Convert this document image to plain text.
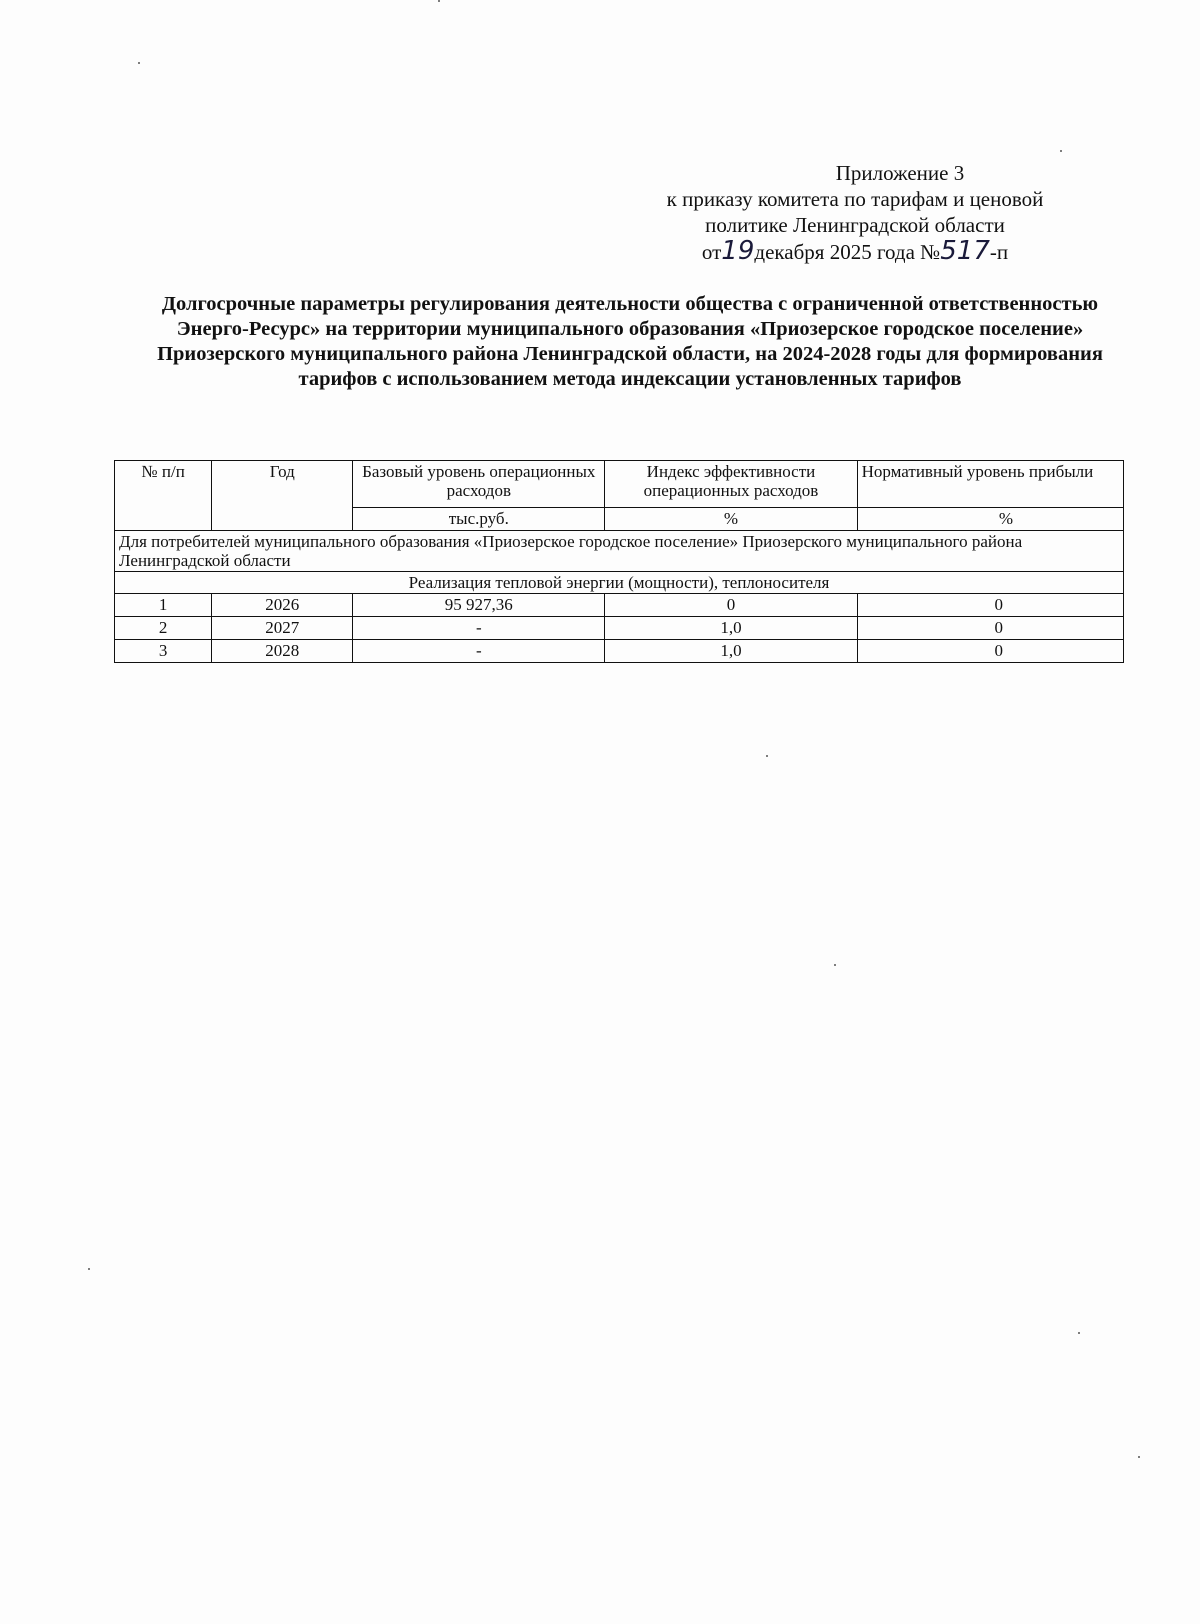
Приложение 3
к приказу комитета по тарифам и ценовой
политике Ленинградской области
от19декабря 2025 года №517-п
Долгосрочные параметры регулирования деятельности общества с ограниченной ответственностью Энерго-Ресурс» на территории муниципального образования «Приозерское городское поселение» Приозерского муниципального района Ленинградской области, на 2024-2028 годы для формирования тарифов с использованием метода индексации установленных тарифов
№ п/п	Год	Базовый уровень операционных расходов	Индекс эффективности операционных расходов	Нормативный уровень прибыли
		тыс.руб.	%	%
Для потребителей муниципального образования «Приозерское городское поселение» Приозерского муниципального района Ленинградской области				
Реализация тепловой энергии (мощности), теплоносителя				
1	2026	95 927,36	0	0
2	2027	-	1,0	0
3	2028	-	1,0	0
